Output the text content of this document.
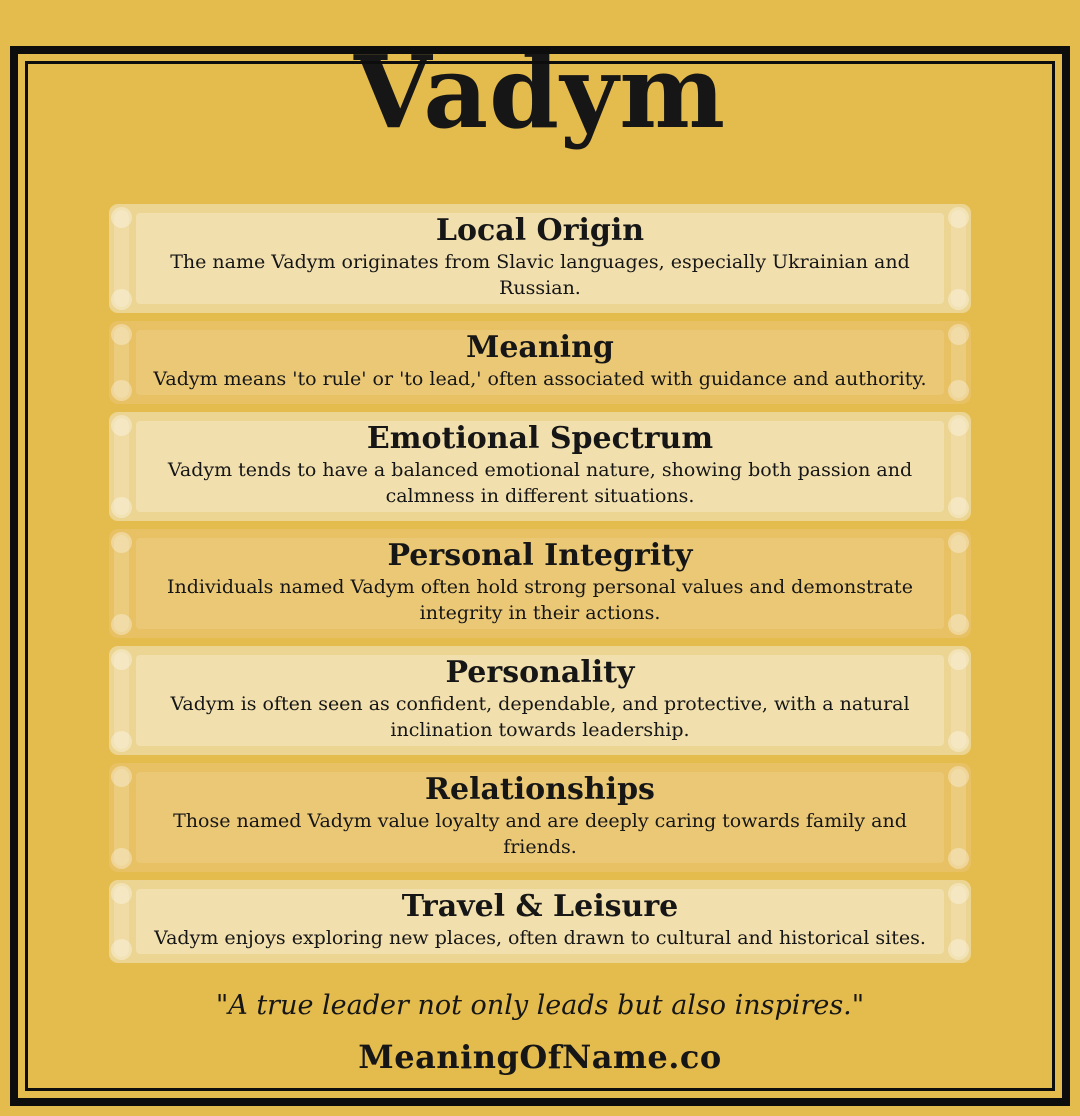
Vadym
Local Origin

The name Vadym originates from Slavic languages, especially Ukrainian and Russian.

Meaning

Vadym means 'to rule' or 'to lead,' often associated with guidance and authority.

Emotional Spectrum

Vadym tends to have a balanced emotional nature, showing both passion and calmness in different situations.

Personal Integrity

Individuals named Vadym often hold strong personal values and demonstrate integrity in their actions.

Personality

Vadym is often seen as confident, dependable, and protective, with a natural inclination towards leadership.

Relationships

Those named Vadym value loyalty and are deeply caring towards family and friends.

Travel & Leisure

Vadym enjoys exploring new places, often drawn to cultural and historical sites.

"A true leader not only leads but also inspires."
MeaningOfName.co
